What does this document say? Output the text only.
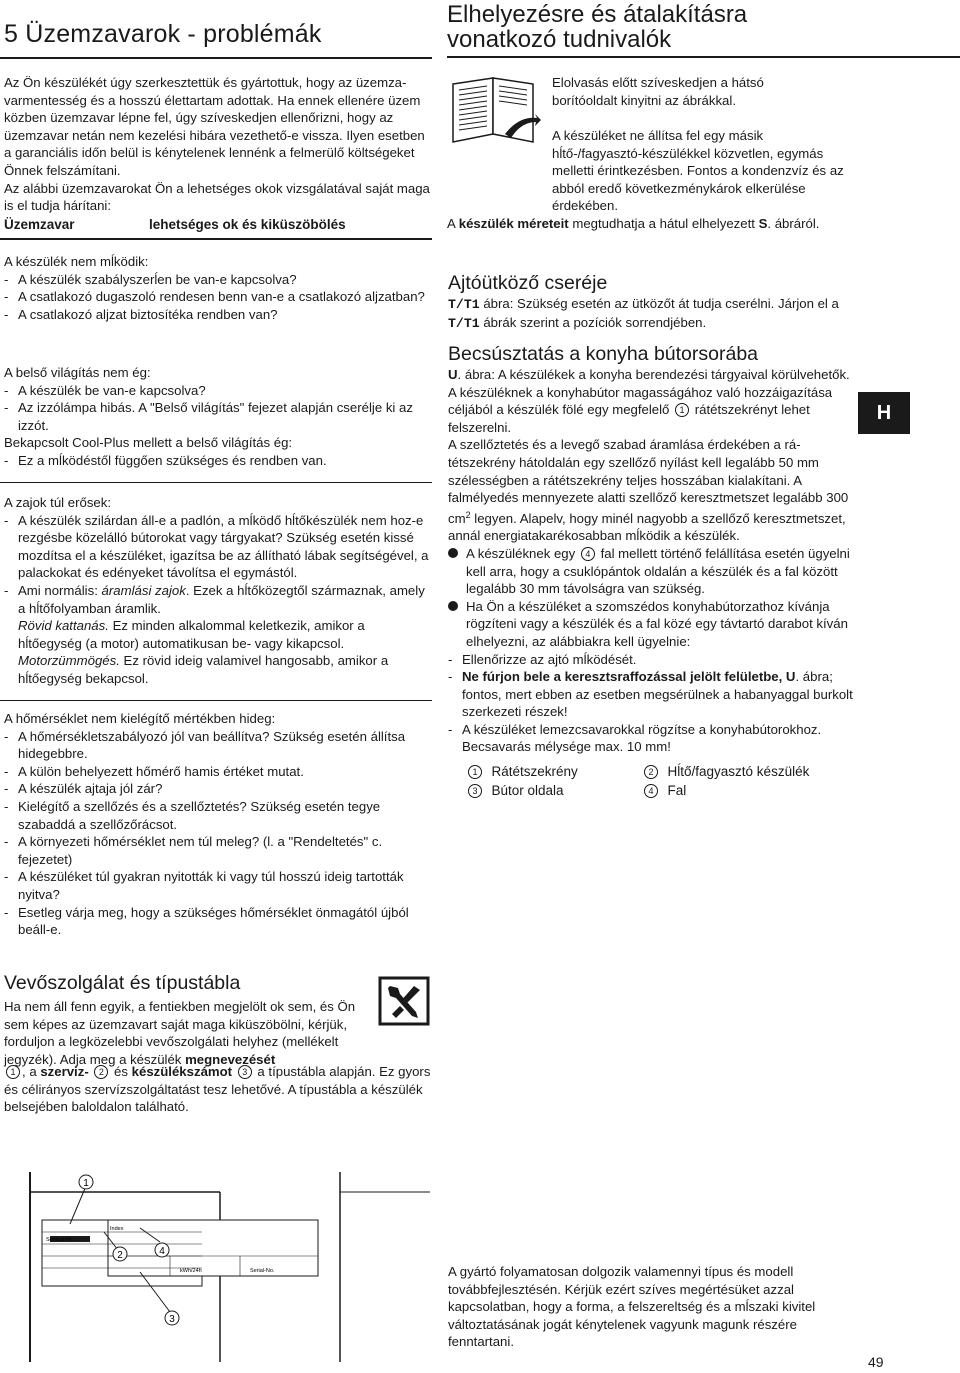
5 Üzemzavarok - problémák
Elhelyezésre és átalakításra
vonatkozó tudnivalók

Az Ön készülékét úgy szerkesztettük és gyártottuk, hogy az üzemzavarmentesség és a hosszú élettartam adottak. Ha ennek ellenére üzem közben üzemzavar lépne fel, úgy szíveskedjen ellenőrizni, hogy az üzemzavar netán nem kezelési hibára vezethető-e vissza. Ilyen esetben a garanciális időn belül is kénytelenek lennénk a felmerülő költségeket Önnek felszámítani.

Az alábbi üzemzavarokat Ön a lehetséges okok vizsgálatával saját maga is el tudja hárítani:

Üzemzavar	lehetséges ok és kiküszöbölés

A készülék nem mĺködik:

- A készülék szabályszerĺen be van-e kapcsolva?
- A csatlakozó dugaszoló rendesen benn van-e a csatlakozó aljzatban?
- A csatlakozó aljzat biztosítéka rendben van?

A belső világítás nem ég:

- A készülék be van-e kapcsolva?
- Az izzólámpa hibás. A "Belső világítás" fejezet alapján cserélje ki az izzót.

Bekapcsolt Cool-Plus mellett a belső világítás ég:

- Ez a mĺködéstől függően szükséges és rendben van.

A zajok túl erősek:

- A készülék szilárdan áll-e a padlón, a mĺködő hĺtőkészülék nem hoz-e rezgésbe közelálló bútorokat vagy tárgyakat? Szükség esetén kissé mozdítsa el a készüléket, igazítsa be az állítható lábak segítségével, a palackokat és edényeket távolítsa el egymástól.
- Ami normális: áramlási zajok. Ezek a hĺtőközegtől származnak, amely a hĺtőfolyamban áramlik.
Rövid kattanás. Ez minden alkalommal keletkezik, amikor a hĺtőegység (a motor) automatikusan be- vagy kikapcsol.
Motorzümmögés. Ez rövid ideig valamivel hangosabb, amikor a hĺtőegység bekapcsol.

A hőmérséklet nem kielégítő mértékben hideg:

- A hőmérsékletszabályozó jól van beállítva? Szükség esetén állítsa hidegebbre.
- A külön behelyezett hőmérő hamis értéket mutat.
- A készülék ajtaja jól zár?
- Kielégítő a szellőzés és a szellőztetés? Szükség esetén tegye szabaddá a szellőzőrácsot.
- A környezeti hőmérséklet nem túl meleg? (l. a "Rendeltetés" c. fejezetet)
- A készüléket túl gyakran nyitották ki vagy túl hosszú ideig tartották nyitva?
- Esetleg várja meg, hogy a szükséges hőmérséklet önmagától újból beáll-e.
Vevőszolgálat és típustábla
Ha nem áll fenn egyik, a fentiekben megjelölt ok sem, és Ön sem képes az üzemzavart saját maga kiküszöbölni, kérjük, forduljon a legközelebbi vevőszolgálati helyhez (mellékelt jegyzék). Adja meg a készülék megnevezését
1 , a szerviz- 2 és készülékszámot 3 a típustábla alapján. Ez gyors és célirányos szervízszolgáltatást tesz lehetővé. A típustábla a készülék belsejében baloldalon található.
Elolvasás előtt szíveskedjen a hátsó borítóoldalt kinyitni az ábrákkal.
A készüléket ne állítsa fel egy másik hĺtő-/fagyasztó-készülékkel közvetlen, egymás melletti érintkezésben. Fontos a kondenzvíz és az abból eredő következménykárok elkerülése érdekében.
A készülék méreteit megtudhatja a hátul elhelyezett S. ábráról.
Ajtóütköző cseréje
T/T1 ábra: Szükség esetén az ütközőt át tudja cserélni. Járjon el a T/T1 ábrák szerint a pozíciók sorrendjében.
Becsúsztatás a konyha bútorsorába

U. ábra: A készülékek a konyha berendezési tárgyaival körülvehetők. A készüléknek a konyhabútor magasságához való hozzáigazítása céljából a készülék fölé egy megfelelő 1 rátétszekrényt lehet felszerelni.

A szellőztetés és a levegő szabad áramlása érdekében a rátétszekrény hátoldalán egy szellőző nyílást kell legalább 50 mm szélességben a rátétszekrény teljes hosszában kialakítani. A falmélyedés mennyezete alatti szellőző keresztmetszet legalább 300 $cm^2$ legyen. Alapelv, hogy minél nagyobb a szellőző keresztmetszet, annál energiatakarékosabban mĺködik a készülék.

A készüléknek egy 4 fal mellett történő felállítása esetén ügyelni kell arra, hogy a csuklópántok oldalán a készülék és a fal között legalább 30 mm távolságra van szükség.
Ha Ön a készüléket a szomszédos konyhabútorzathoz kívánja rögzíteni vagy a készülék és a fal közé egy távtartó darabot kíván elhelyezni, az alábbiakra kell ügyelnie:
- Ellenőrizze az ajtó mĺködését.
- Ne fúrjon bele a keresztsraffozással jelölt felületbe, U. ábra; fontos, mert ebben az esetben megsérülnek a habanyaggal burkolt szerkezeti részek!
- A készüléket lemezcsavarokkal rögzítse a konyhabútorokhoz. Becsavarás mélysége max. 10 mm!
1 Rátétszekrény	2 Hĺtő/fagyasztó készülék
3 Bútor oldala	4 Fal
H
1
2	4
3
Index
Service-Nr.
Serial-No.
kWh/24h	A gyártó folyamatosan dolgozik valamennyi típus és modell továbbfejlesztésén. Kérjük ezért szíves megértésüket azzal kapcsolatban, hogy a forma, a felszereltség és a mĺszaki kivitel változtatásának jogát kénytelenek vagyunk magunk részére fenntartani.
49
